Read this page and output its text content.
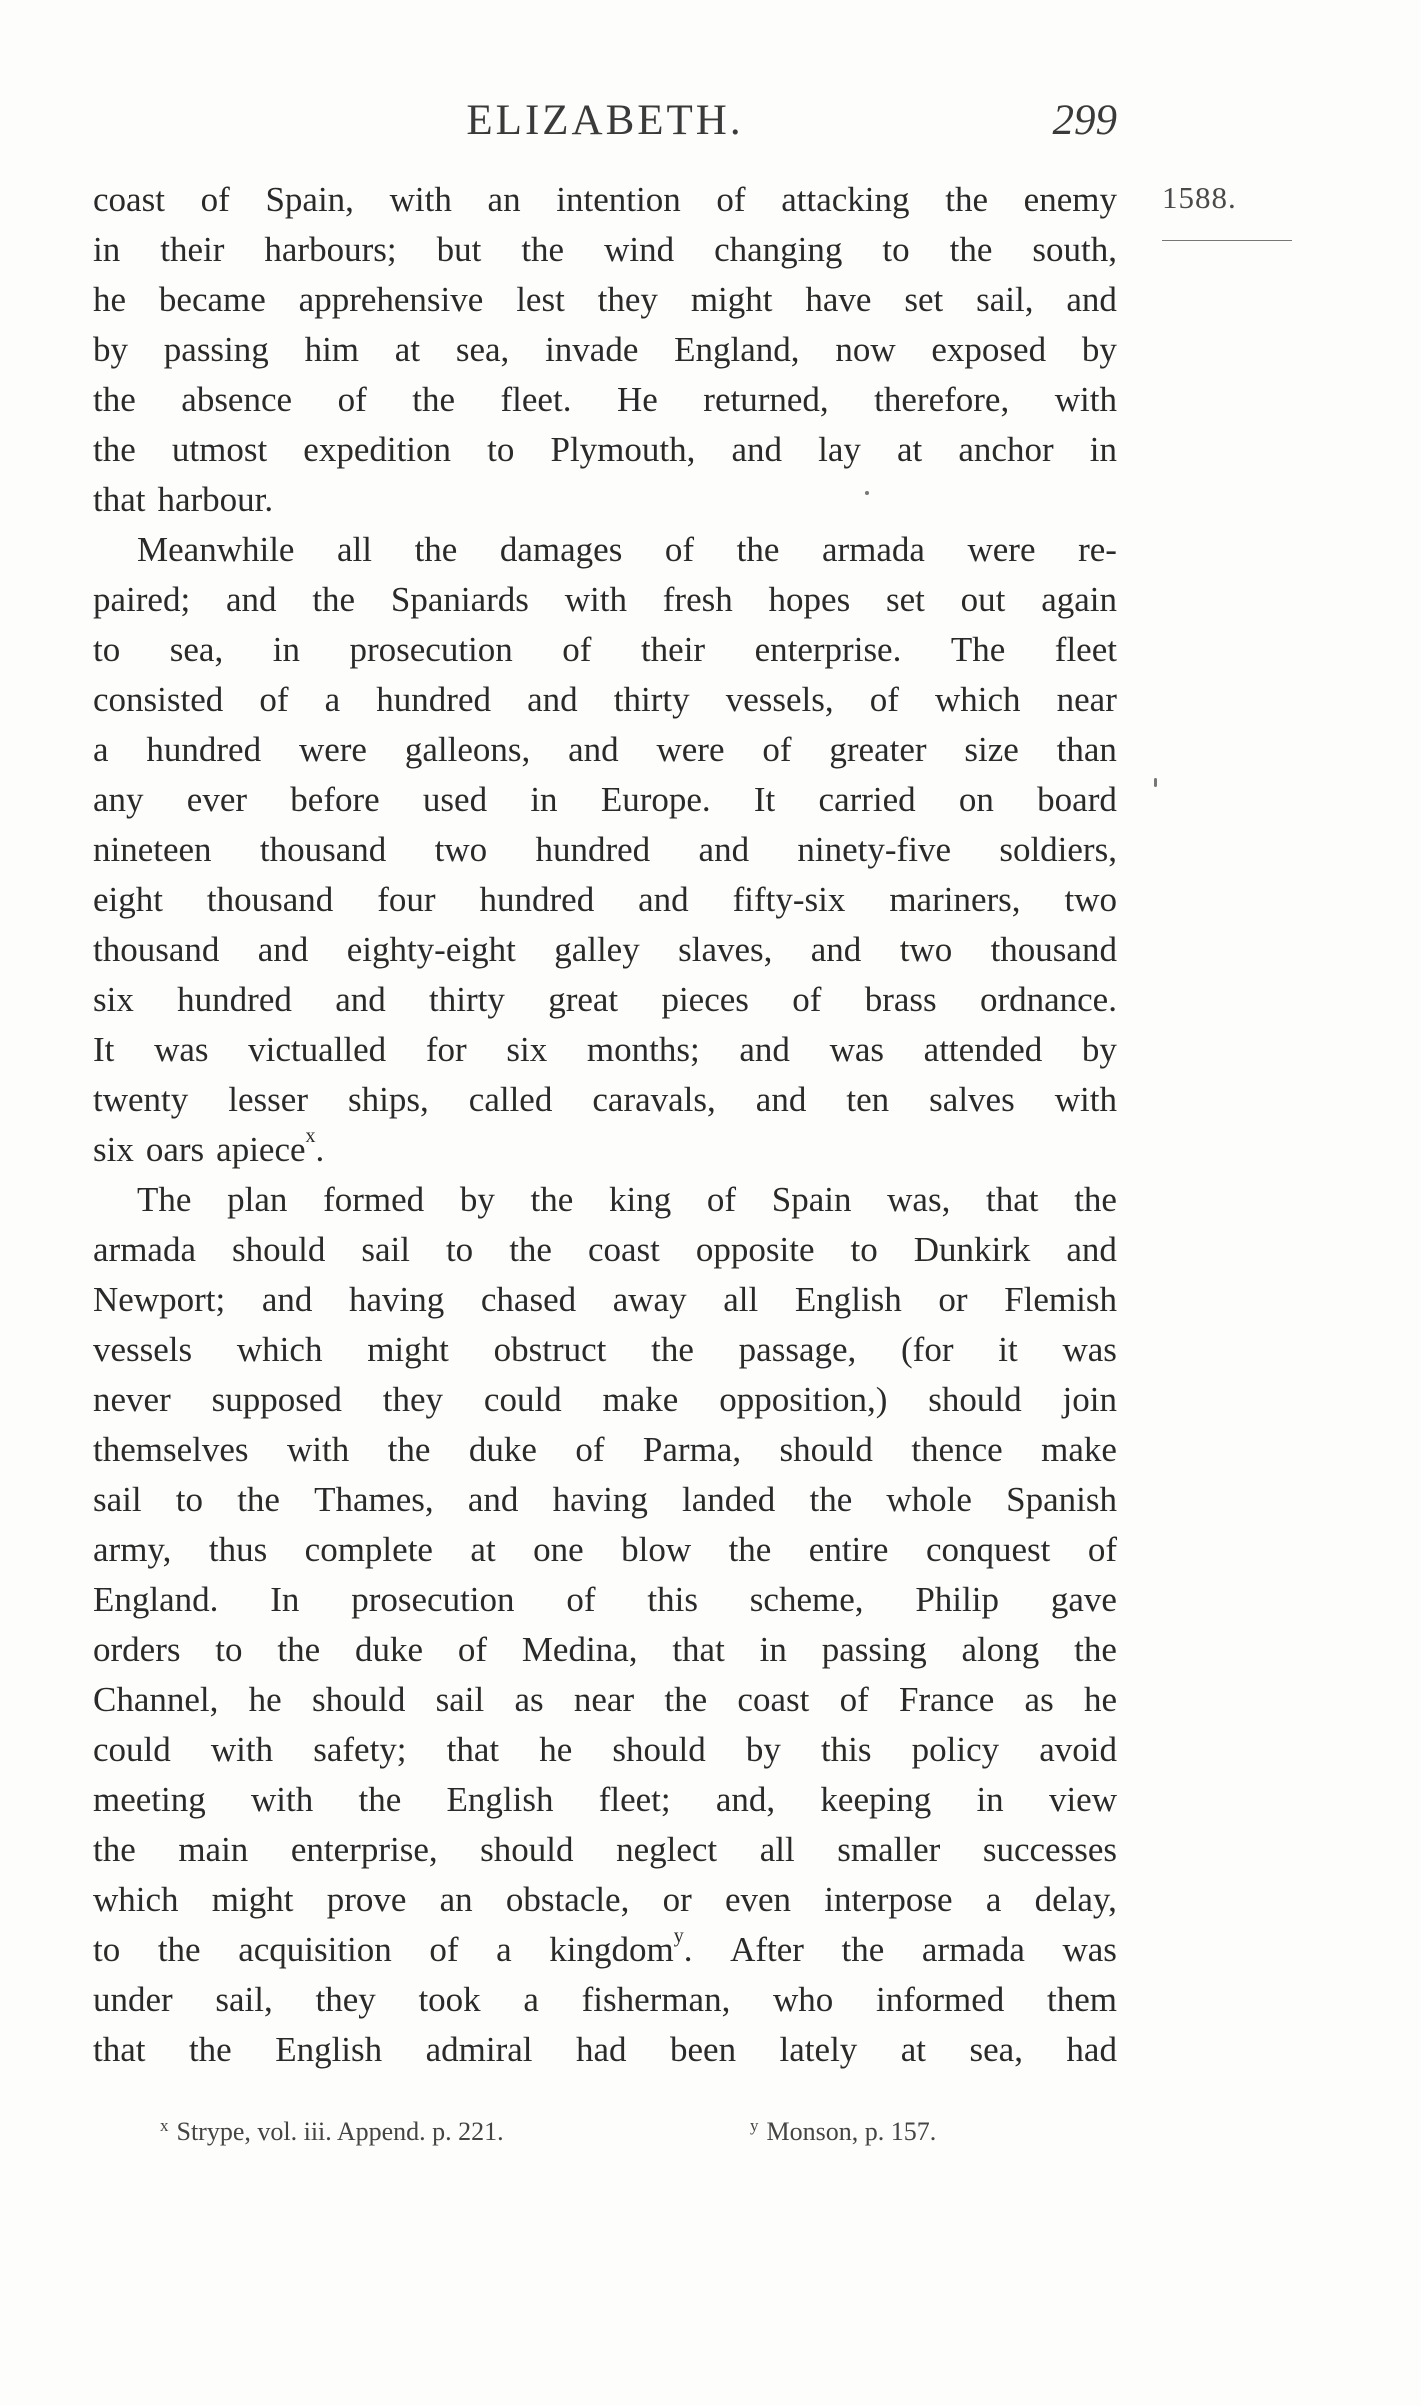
ELIZABETH.	299
1588.
coast of Spain, with an intention of attacking the enemy
in their harbours; but the wind changing to the south,
he became apprehensive lest they might have set sail, and
by passing him at sea, invade England, now exposed by
the absence of the fleet. He returned, therefore, with
the utmost expedition to Plymouth, and lay at anchor in
that harbour.
Meanwhile all the damages of the armada were re-
paired; and the Spaniards with fresh hopes set out again
to sea, in prosecution of their enterprise. The fleet
consisted of a hundred and thirty vessels, of which near
a hundred were galleons, and were of greater size than
any ever before used in Europe. It carried on board
nineteen thousand two hundred and ninety-five soldiers,
eight thousand four hundred and fifty-six mariners, two
thousand and eighty-eight galley slaves, and two thousand
six hundred and thirty great pieces of brass ordnance.
It was victualled for six months; and was attended by
twenty lesser ships, called caravals, and ten salves with
six oars apiece$^x$.
The plan formed by the king of Spain was, that the
armada should sail to the coast opposite to Dunkirk and
Newport; and having chased away all English or Flemish
vessels which might obstruct the passage, (for it was
never supposed they could make opposition,) should join
themselves with the duke of Parma, should thence make
sail to the Thames, and having landed the whole Spanish
army, thus complete at one blow the entire conquest of
England. In prosecution of this scheme, Philip gave
orders to the duke of Medina, that in passing along the
Channel, he should sail as near the coast of France as he
could with safety; that he should by this policy avoid
meeting with the English fleet; and, keeping in view
the main enterprise, should neglect all smaller successes
which might prove an obstacle, or even interpose a delay,
to the acquisition of a kingdom$^y$. After the armada was
under sail, they took a fisherman, who informed them
that the English admiral had been lately at sea, had
$^x$ Strype, vol. iii. Append. p. 221.	$^y$ Monson, p. 157.
